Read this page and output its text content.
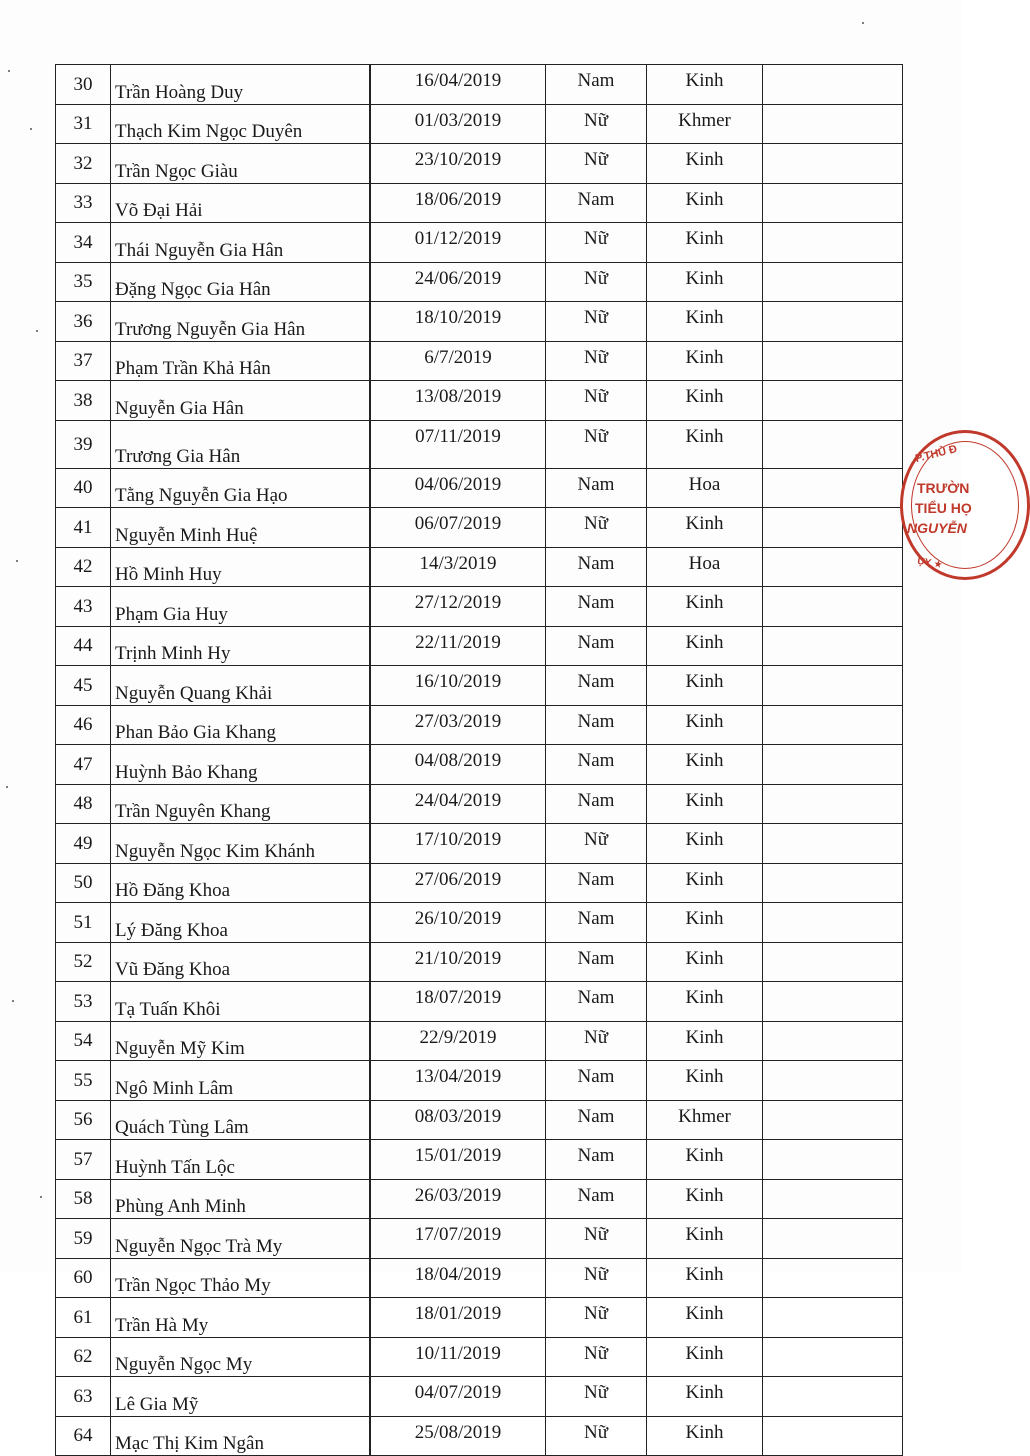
30	Trần Hoàng Duy	16/04/2019	Nam	Kinh	
31	Thạch Kim Ngọc Duyên	01/03/2019	Nữ	Khmer	
32	Trần Ngọc Giàu	23/10/2019	Nữ	Kinh	
33	Võ Đại Hải	18/06/2019	Nam	Kinh	
34	Thái Nguyễn Gia Hân	01/12/2019	Nữ	Kinh	
35	Đặng Ngọc Gia Hân	24/06/2019	Nữ	Kinh	
36	Trương Nguyễn Gia Hân	18/10/2019	Nữ	Kinh	
37	Phạm Trần Khả Hân	6/7/2019	Nữ	Kinh	
38	Nguyễn Gia Hân	13/08/2019	Nữ	Kinh	
39	Trương Gia Hân	07/11/2019	Nữ	Kinh	
40	Tằng Nguyễn Gia Hạo	04/06/2019	Nam	Hoa	
41	Nguyễn Minh Huệ	06/07/2019	Nữ	Kinh	
42	Hồ Minh Huy	14/3/2019	Nam	Hoa	
43	Phạm Gia Huy	27/12/2019	Nam	Kinh	
44	Trịnh Minh Hy	22/11/2019	Nam	Kinh	
45	Nguyễn Quang Khải	16/10/2019	Nam	Kinh	
46	Phan Bảo Gia Khang	27/03/2019	Nam	Kinh	
47	Huỳnh Bảo Khang	04/08/2019	Nam	Kinh	
48	Trần Nguyên Khang	24/04/2019	Nam	Kinh	
49	Nguyễn Ngọc Kim Khánh	17/10/2019	Nữ	Kinh	
50	Hồ Đăng Khoa	27/06/2019	Nam	Kinh	
51	Lý Đăng Khoa	26/10/2019	Nam	Kinh	
52	Vũ Đăng Khoa	21/10/2019	Nam	Kinh	
53	Tạ Tuấn Khôi	18/07/2019	Nam	Kinh	
54	Nguyễn Mỹ Kim	22/9/2019	Nữ	Kinh	
55	Ngô Minh Lâm	13/04/2019	Nam	Kinh	
56	Quách Tùng Lâm	08/03/2019	Nam	Khmer	
57	Huỳnh Tấn Lộc	15/01/2019	Nam	Kinh	
58	Phùng Anh Minh	26/03/2019	Nam	Kinh	
59	Nguyễn Ngọc Trà My	17/07/2019	Nữ	Kinh	
60	Trần Ngọc Thảo My	18/04/2019	Nữ	Kinh	
61	Trần Hà My	18/01/2019	Nữ	Kinh	
62	Nguyễn Ngọc My	10/11/2019	Nữ	Kinh	
63	Lê Gia Mỹ	04/07/2019	Nữ	Kinh	
64	Mạc Thị Kim Ngân	25/08/2019	Nữ	Kinh	
P.THỦ Đ
TRƯỜN
TIỂU HỌ
NGUYỄN
ỤY ★
